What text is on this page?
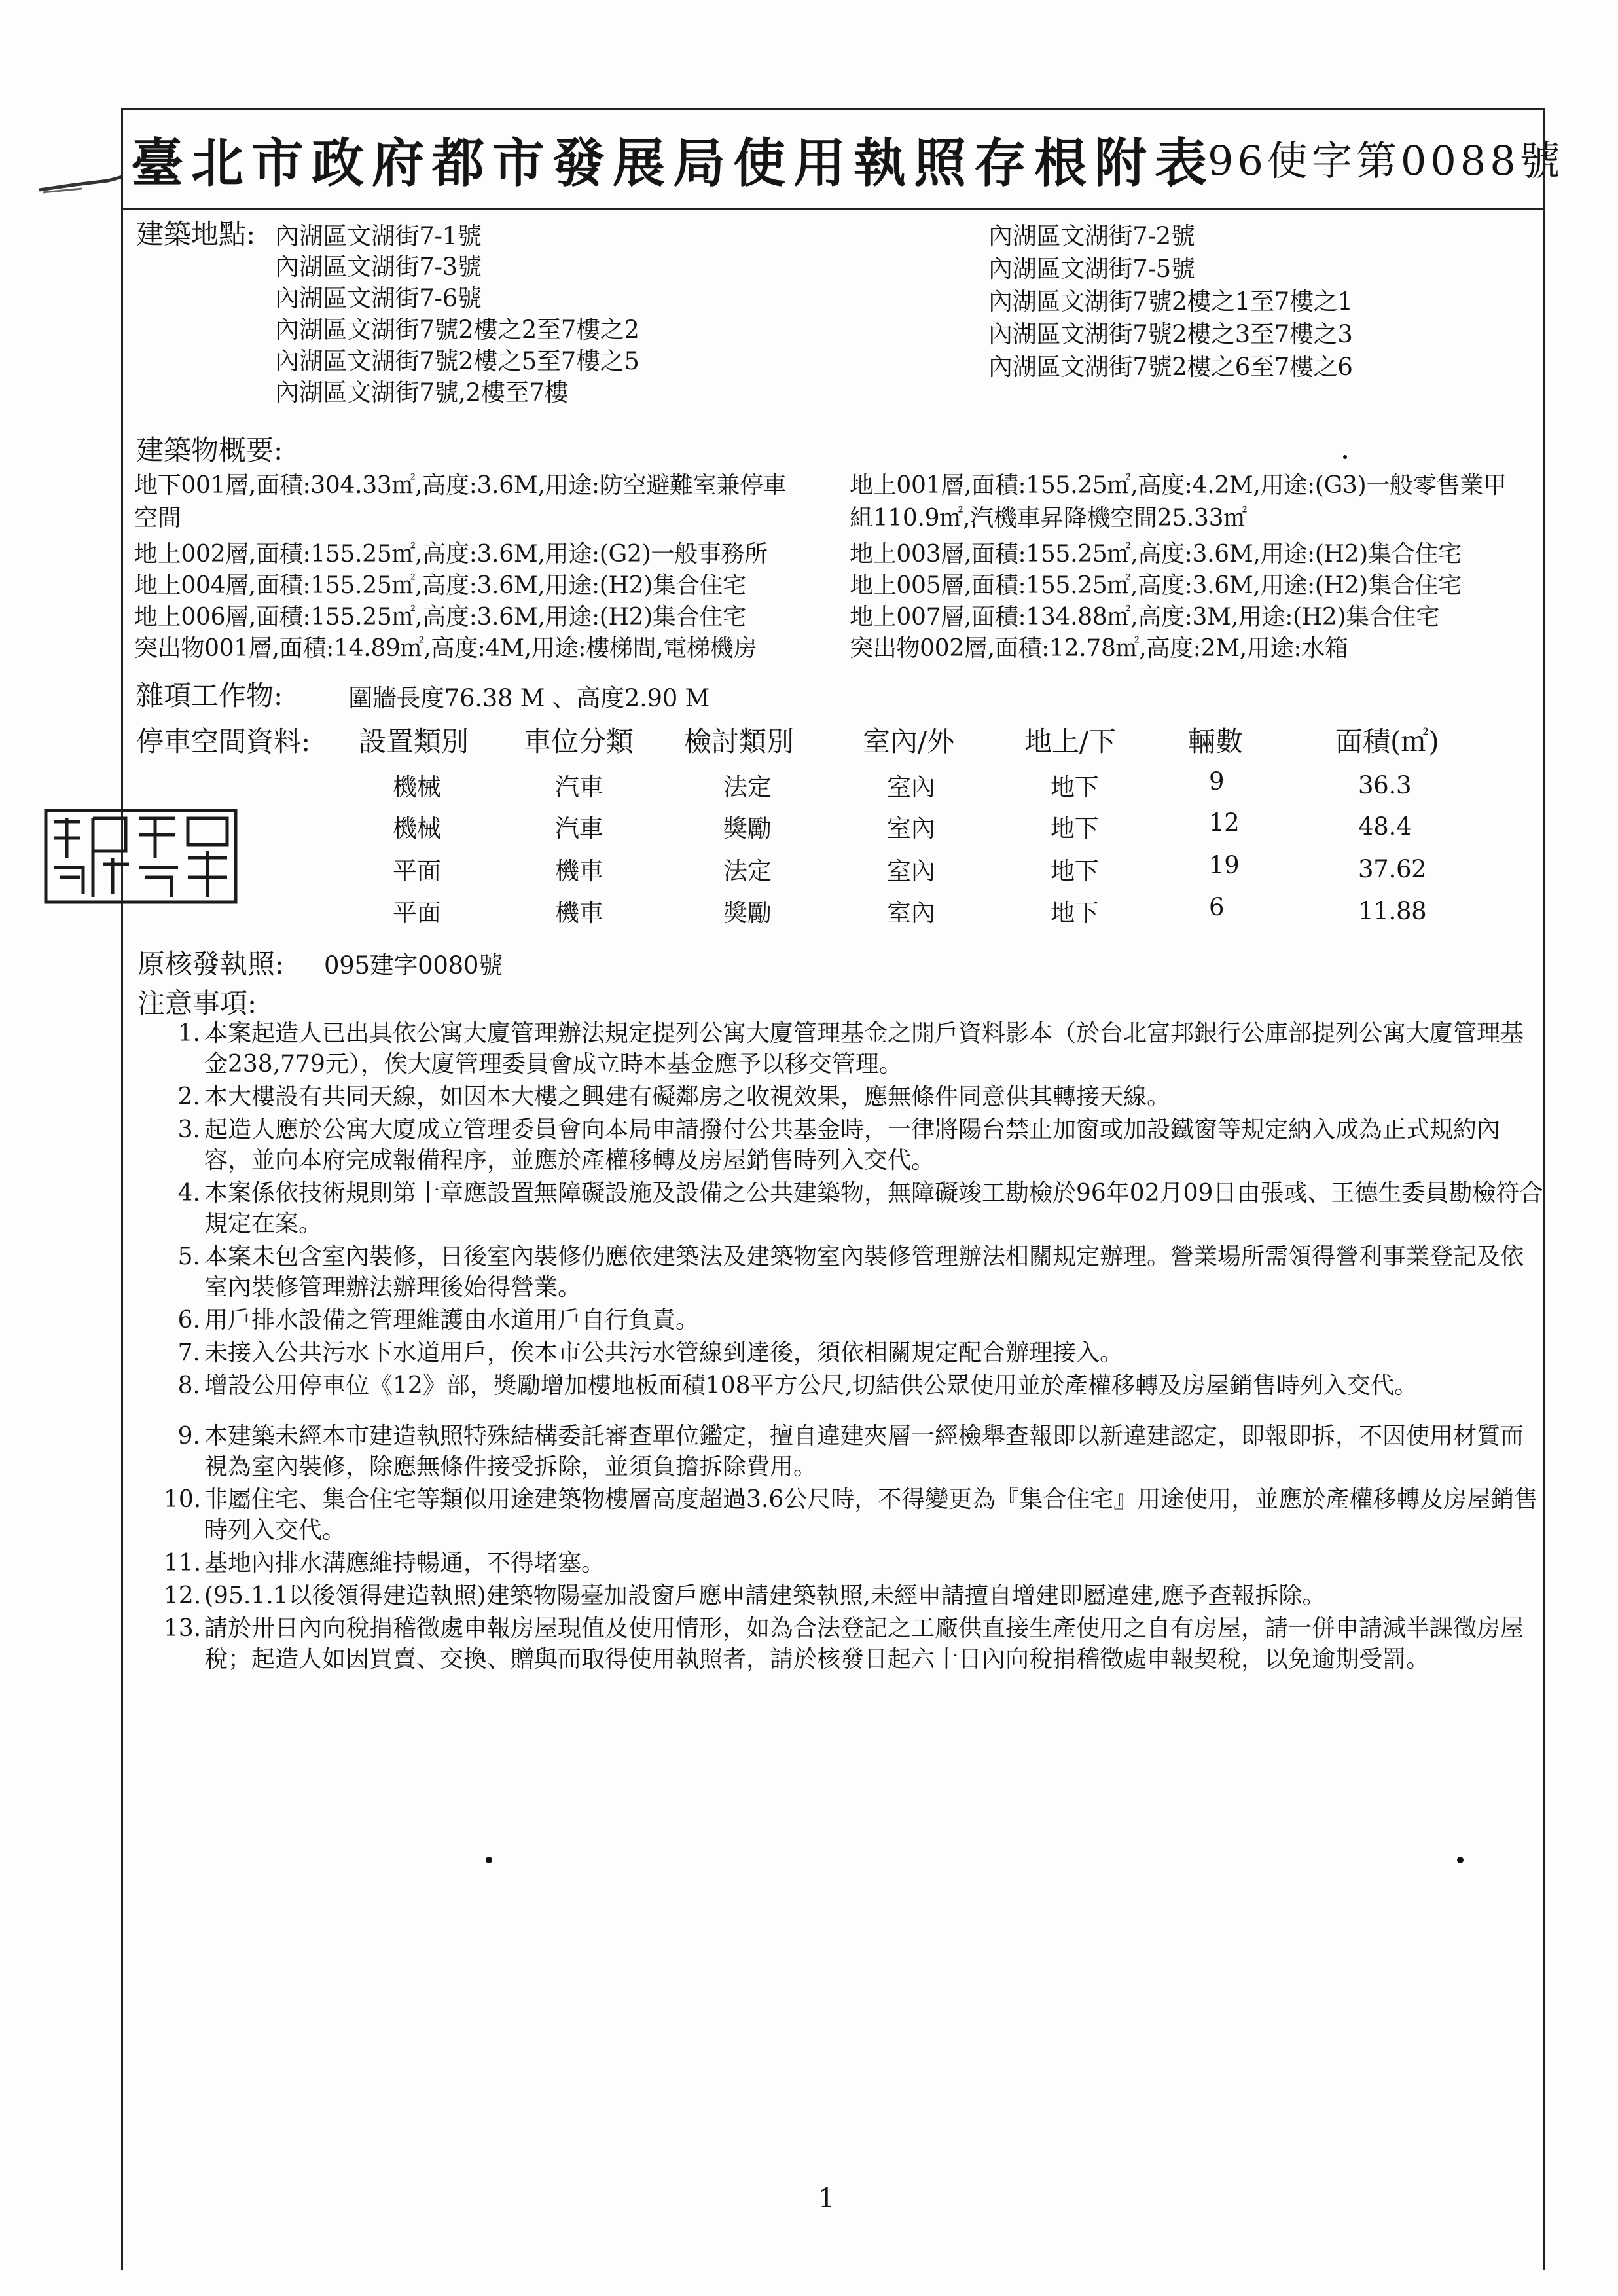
臺北市政府都市發展局使用執照存根附表
96使字第0088號
建築地點: 內湖區文湖街7-1號
內湖區文湖街7-3號
內湖區文湖街7-6號
內湖區文湖街7號2樓之2至7樓之2
內湖區文湖街7號2樓之5至7樓之5
內湖區文湖街7號,2樓至7樓
內湖區文湖街7-2號
內湖區文湖街7-5號
內湖區文湖街7號2樓之1至7樓之1
內湖區文湖街7號2樓之3至7樓之3
內湖區文湖街7號2樓之6至7樓之6
建築物概要:
地下001層,面積:304.33㎡,高度:3.6M,用途:防空避難室兼停車
空間
地上002層,面積:155.25㎡,高度:3.6M,用途:(G2)一般事務所
地上004層,面積:155.25㎡,高度:3.6M,用途:(H2)集合住宅
地上006層,面積:155.25㎡,高度:3.6M,用途:(H2)集合住宅
突出物001層,面積:14.89㎡,高度:4M,用途:樓梯間,電梯機房
地上001層,面積:155.25㎡,高度:4.2M,用途:(G3)一般零售業甲
組110.9㎡,汽機車昇降機空間25.33㎡
地上003層,面積:155.25㎡,高度:3.6M,用途:(H2)集合住宅
地上005層,面積:155.25㎡,高度:3.6M,用途:(H2)集合住宅
地上007層,面積:134.88㎡,高度:3M,用途:(H2)集合住宅
突出物002層,面積:12.78㎡,高度:2M,用途:水箱
雜項工作物:	圍牆長度76.38 M 、高度2.90 M
停車空間資料: 設置類別 車位分類 檢討類別 室內/外	地上/下	輛數	面積(㎡)
機械	汽車	法定	室內	地下	9	36.3
機械	汽車	獎勵	室內	地下	12	48.4
平面	機車	法定	室內	地下	19	37.62
平面	機車	獎勵	室內	地下	6	11.88
原核發執照: 095建字0080號
注意事項:
1. 本案起造人已出具依公寓大廈管理辦法規定提列公寓大廈管理基金之開戶資料影本（於台北富邦銀行公庫部提列公寓大廈管理基金238,779元），俟大廈管理委員會成立時本基金應予以移交管理。
2. 本大樓設有共同天線，如因本大樓之興建有礙鄰房之收視效果，應無條件同意供其轉接天線。
3. 起造人應於公寓大廈成立管理委員會向本局申請撥付公共基金時，一律將陽台禁止加窗或加設鐵窗等規定納入成為正式規約內容，並向本府完成報備程序，並應於產權移轉及房屋銷售時列入交代。
4. 本案係依技術規則第十章應設置無障礙設施及設備之公共建築物，無障礙竣工勘檢於96年02月09日由張彧、王德生委員勘檢符合規定在案。
5. 本案未包含室內裝修，日後室內裝修仍應依建築法及建築物室內裝修管理辦法相關規定辦理。營業場所需領得營利事業登記及依室內裝修管理辦法辦理後始得營業。
6. 用戶排水設備之管理維護由水道用戶自行負責。
7. 未接入公共污水下水道用戶，俟本市公共污水管線到達後，須依相關規定配合辦理接入。
8. 增設公用停車位《12》部，獎勵增加樓地板面積108平方公尺,切結供公眾使用並於產權移轉及房屋銷售時列入交代。
9. 本建築未經本市建造執照特殊結構委託審查單位鑑定，擅自違建夾層一經檢舉查報即以新違建認定，即報即拆，不因使用材質而視為室內裝修，除應無條件接受拆除，並須負擔拆除費用。
10. 非屬住宅、集合住宅等類似用途建築物樓層高度超過3.6公尺時，不得變更為『集合住宅』用途使用，並應於產權移轉及房屋銷售時列入交代。
11. 基地內排水溝應維持暢通，不得堵塞。
12. (95.1.1以後領得建造執照)建築物陽臺加設窗戶應申請建築執照,未經申請擅自增建即屬違建,應予查報拆除。
13. 請於卅日內向稅捐稽徵處申報房屋現值及使用情形，如為合法登記之工廠供直接生產使用之自有房屋，請一併申請減半課徵房屋稅；起造人如因買賣、交換、贈與而取得使用執照者，請於核發日起六十日內向稅捐稽徵處申報契稅，以免逾期受罰。
1
